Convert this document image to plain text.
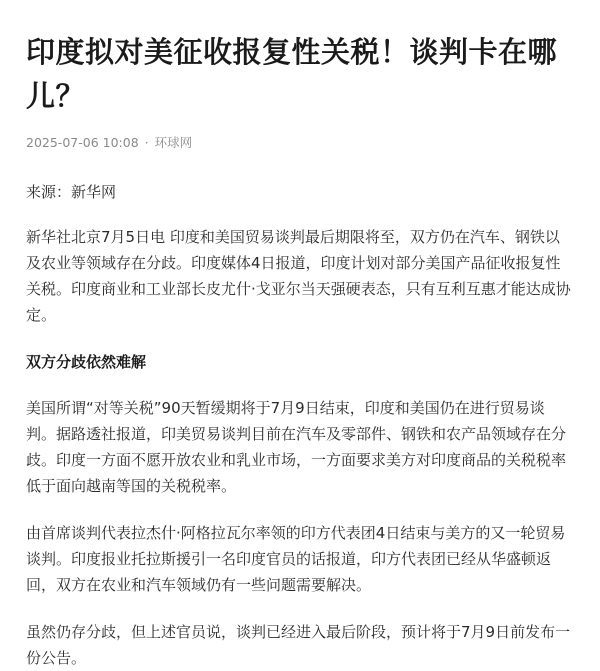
印度拟对美征收报复性关税！谈判卡在哪儿？
2025-07-06 10:08 · 环球网

来源：新华网

新华社北京7月5日电 印度和美国贸易谈判最后期限将至，双方仍在汽车、钢铁以及农业等领域存在分歧。印度媒体4日报道，印度计划对部分美国产品征收报复性关税。印度商业和工业部长皮尤什·戈亚尔当天强硬表态，只有互利互惠才能达成协定。

双方分歧依然难解

美国所谓“对等关税”90天暂缓期将于7月9日结束，印度和美国仍在进行贸易谈判。据路透社报道，印美贸易谈判目前在汽车及零部件、钢铁和农产品领域存在分歧。印度一方面不愿开放农业和乳业市场，一方面要求美方对印度商品的关税税率低于面向越南等国的关税税率。

由首席谈判代表拉杰什·阿格拉瓦尔率领的印方代表团4日结束与美方的又一轮贸易谈判。印度报业托拉斯援引一名印度官员的话报道，印方代表团已经从华盛顿返回，双方在农业和汽车领域仍有一些问题需要解决。

虽然仍存分歧，但上述官员说，谈判已经进入最后阶段，预计将于7月9日前发布一份公告。
